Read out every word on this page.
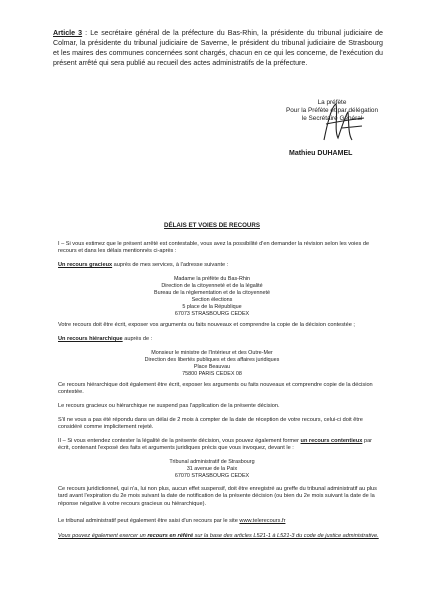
Article 3 : Le secrétaire général de la préfecture du Bas-Rhin, la présidente du tribunal judiciaire de Colmar, la présidente du tribunal judiciaire de Saverne, le président du tribunal judiciaire de Strasbourg et les maires des communes concernées sont chargés, chacun en ce qui les concerne, de l'exécution du présent arrêté qui sera publié au recueil des actes administratifs de la préfecture.
La préfète
Pour la Préfète et par délégation
le Secrétaire Général
Mathieu DUHAMEL
DÉLAIS ET VOIES DE RECOURS
I – Si vous estimez que le présent arrêté est contestable, vous avez la possibilité d'en demander la révision selon les voies de recours et dans les délais mentionnés ci-après :
Un recours gracieux auprès de mes services, à l'adresse suivante :
Madame la préfète du Bas-Rhin
Direction de la citoyenneté et de la légalité
Bureau de la réglementation et de la citoyenneté
Section élections
5 place de la République
67073 STRASBOURG CEDEX
Votre recours doit être écrit, exposer vos arguments ou faits nouveaux et comprendre la copie de la décision contestée ;
Un recours hiérarchique auprès de :
Monsieur le ministre de l'Intérieur et des Outre-Mer
Direction des libertés publiques et des affaires juridiques
Place Beauvau
75800 PARIS CEDEX 08
Ce recours hiérarchique doit également être écrit, exposer les arguments ou faits nouveaux et comprendre copie de la décision contestée.
Le recours gracieux ou hiérarchique ne suspend pas l'application de la présente décision.
S'il ne vous a pas été répondu dans un délai de 2 mois à compter de la date de réception de votre recours, celui-ci doit être considéré comme implicitement rejeté.
II – Si vous entendez contester la légalité de la présente décision, vous pouvez également former un recours contentieux par écrit, contenant l'exposé des faits et arguments juridiques précis que vous invoquez, devant le :
Tribunal administratif de Strasbourg
31 avenue de la Paix
67070 STRASBOURG CEDEX
Ce recours juridictionnel, qui n'a, lui non plus, aucun effet suspensif, doit être enregistré au greffe du tribunal administratif au plus tard avant l'expiration du 2e mois suivant la date de notification de la présente décision (ou bien du 2e mois suivant la date de la réponse négative à votre recours gracieux ou hiérarchique).
Le tribunal administratif peut également être saisi d'un recours par le site www.telerecours.fr
Vous pouvez également exercer un recours en référé sur la base des articles L521-1 à L521-3 du code de justice administrative.
